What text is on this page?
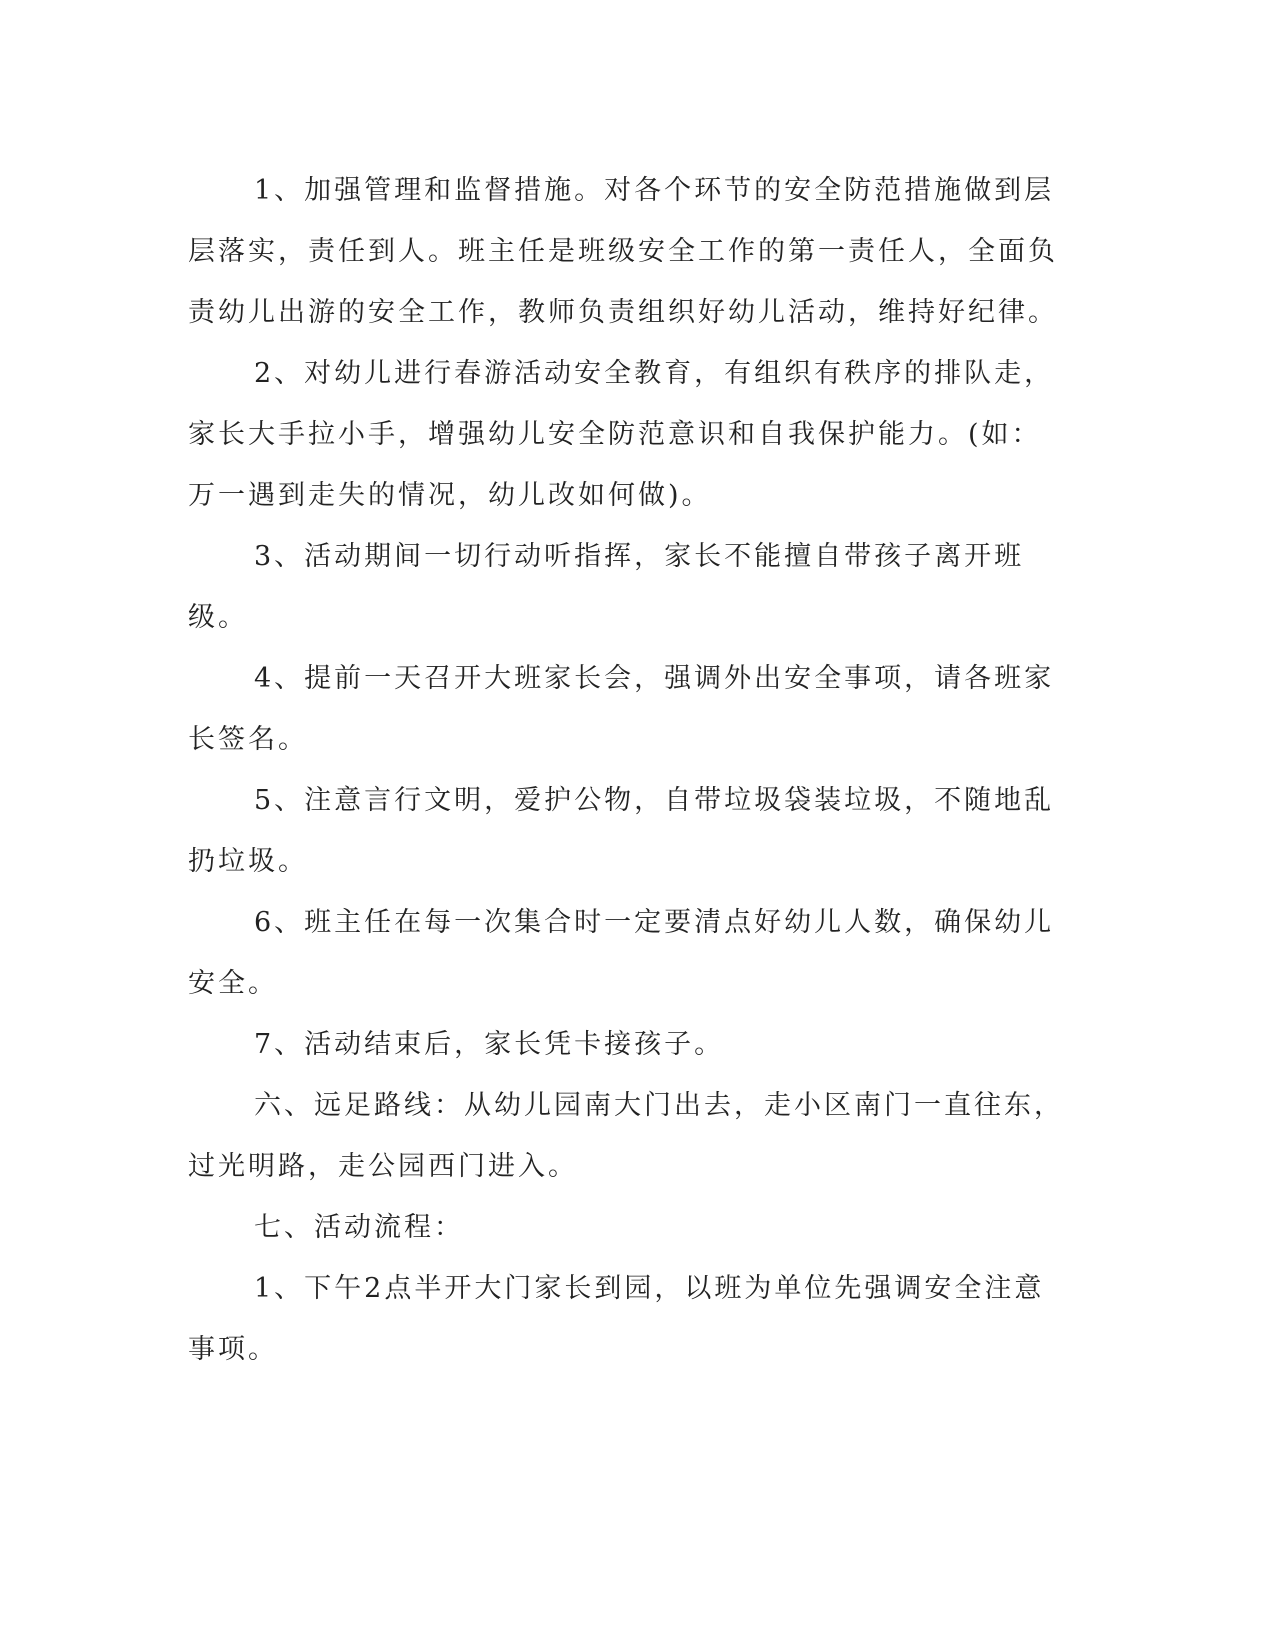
1、加强管理和监督措施。对各个环节的安全防范措施做到层层落实，责任到人。班主任是班级安全工作的第一责任人，全面负责幼儿出游的安全工作，教师负责组织好幼儿活动，维持好纪律。

2、对幼儿进行春游活动安全教育，有组织有秩序的排队走，家长大手拉小手，增强幼儿安全防范意识和自我保护能力。(如：万一遇到走失的情况，幼儿改如何做)。

3、活动期间一切行动听指挥，家长不能擅自带孩子离开班级。

4、提前一天召开大班家长会，强调外出安全事项，请各班家长签名。

5、注意言行文明，爱护公物，自带垃圾袋装垃圾，不随地乱扔垃圾。

6、班主任在每一次集合时一定要清点好幼儿人数，确保幼儿安全。

7、活动结束后，家长凭卡接孩子。

六、远足路线：从幼儿园南大门出去，走小区南门一直往东，过光明路，走公园西门进入。

七、活动流程：

1、下午2点半开大门家长到园，以班为单位先强调安全注意事项。
